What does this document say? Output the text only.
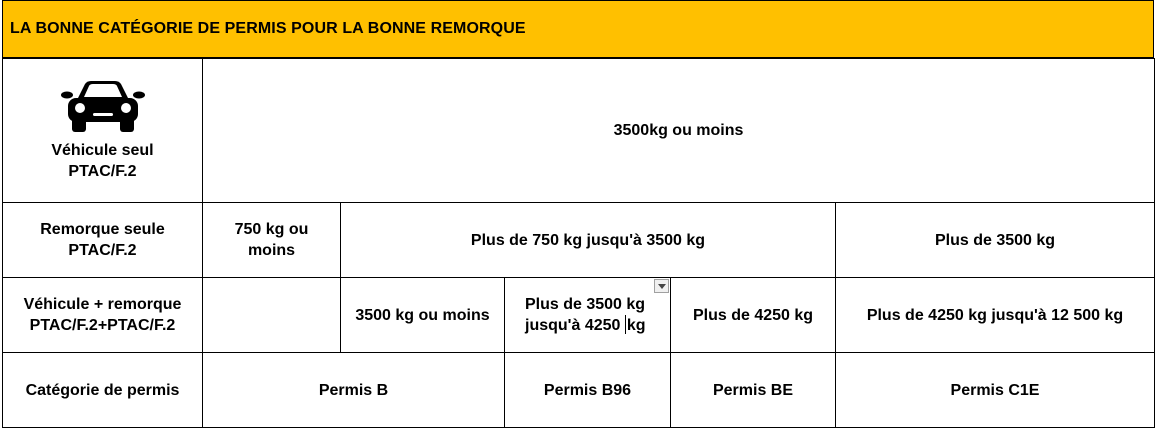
LA BONNE CATÉGORIE DE PERMIS POUR LA BONNE REMORQUE
Véhicule seul
PTAC/F.2	3500kg ou moins				

Remorque seule
PTAC/F.2	750 kg ou
moins	Plus de 750 kg jusqu'à 3500 kg			Plus de 3500 kg

Véhicule + remorque
PTAC/F.2+PTAC/F.2		3500 kg ou moins	Plus de 3500 kg
jusqu'à 4250 kg	Plus de 4250 kg	Plus de 4250 kg jusqu'à 12 500 kg
Catégorie de permis	Permis B		Permis B96	Permis BE	Permis C1E
